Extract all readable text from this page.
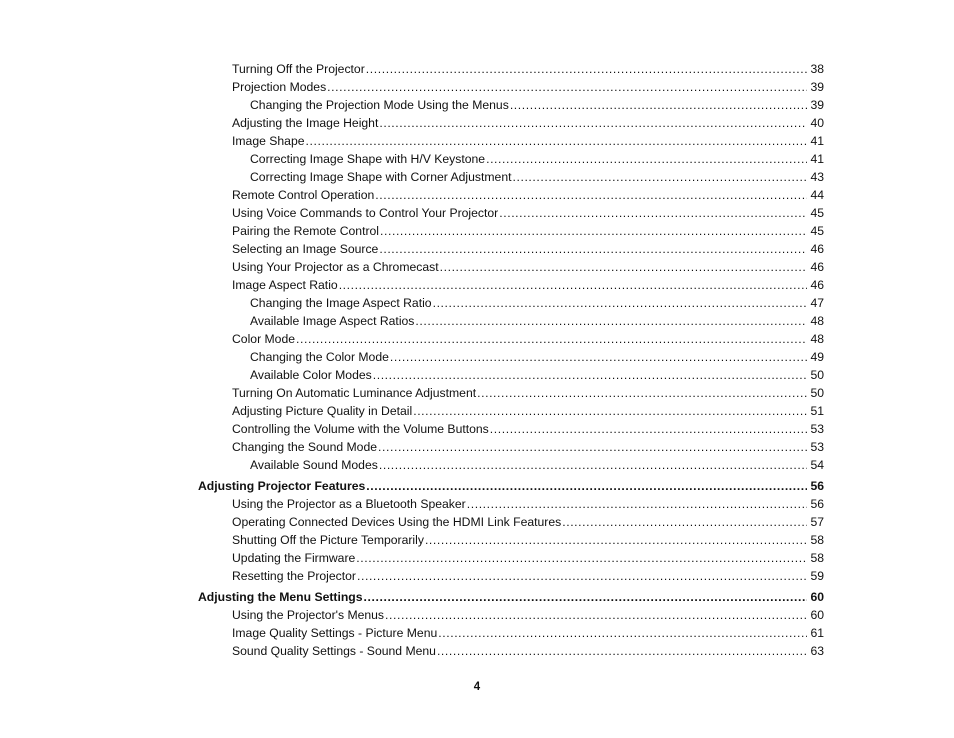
Turning Off the Projector .....	38
Projection Modes .....	39
Changing the Projection Mode Using the Menus .....	39
Adjusting the Image Height .....	40
Image Shape .....	41
Correcting Image Shape with H/V Keystone .....	41
Correcting Image Shape with Corner Adjustment .....	43
Remote Control Operation .....	44
Using Voice Commands to Control Your Projector .....	45
Pairing the Remote Control .....	45
Selecting an Image Source .....	46
Using Your Projector as a Chromecast .....	46
Image Aspect Ratio .....	46
Changing the Image Aspect Ratio .....	47
Available Image Aspect Ratios .....	48
Color Mode .....	48
Changing the Color Mode .....	49
Available Color Modes .....	50
Turning On Automatic Luminance Adjustment .....	50
Adjusting Picture Quality in Detail .....	51
Controlling the Volume with the Volume Buttons .....	53
Changing the Sound Mode .....	53
Available Sound Modes .....	54
Adjusting Projector Features .....	56
Using the Projector as a Bluetooth Speaker .....	56
Operating Connected Devices Using the HDMI Link Features .....	57
Shutting Off the Picture Temporarily .....	58
Updating the Firmware .....	58
Resetting the Projector .....	59
Adjusting the Menu Settings .....	60
Using the Projector's Menus .....	60
Image Quality Settings - Picture Menu .....	61
Sound Quality Settings - Sound Menu .....	63
4
